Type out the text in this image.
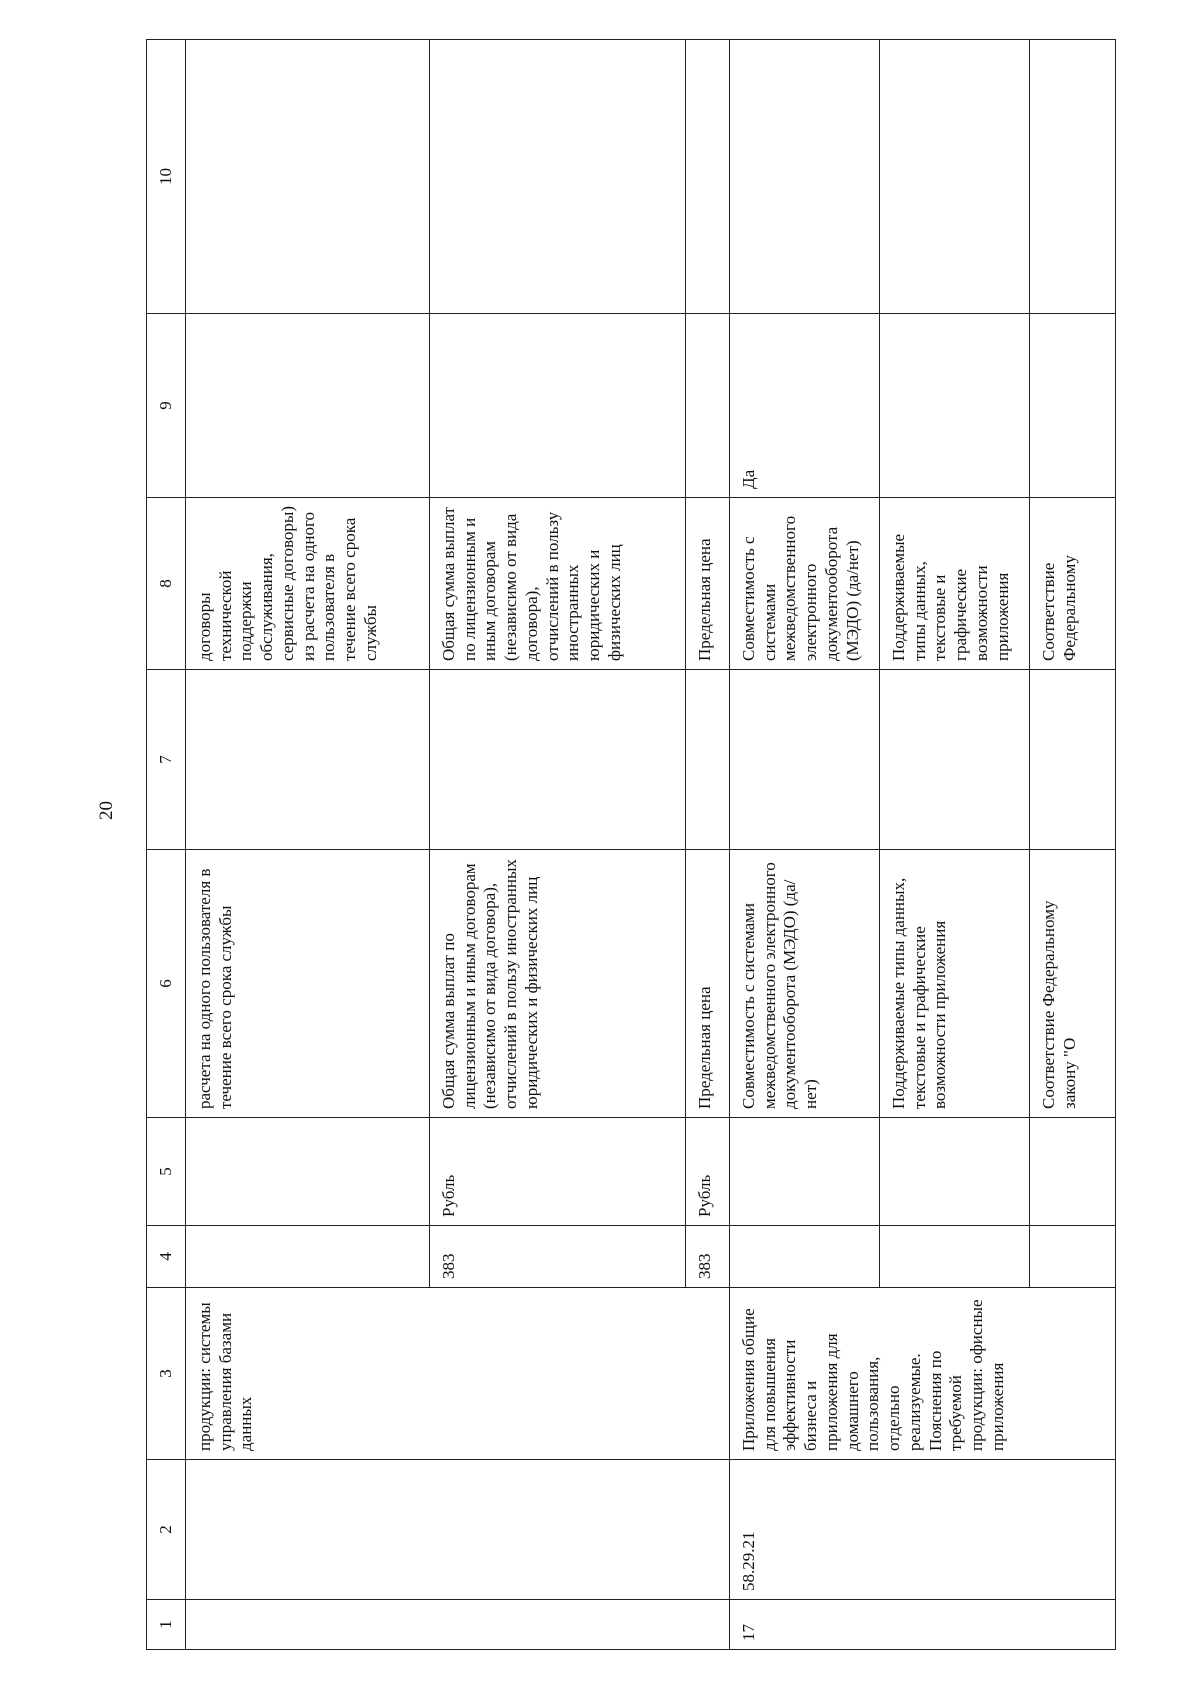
20
1	2	3	4	5	6	7	8	9	10
		продукции: системы управления базами данных			расчета на одного пользователя в течение всего срока службы		договоры технической поддержки обслуживания, сервисные договоры) из расчета на одного пользователя в течение всего срока службы		
			383	Рубль	Общая сумма выплат по лицензионным и иным договорам (независимо от вида договора), отчислений в пользу иностранных юридических и физических лиц		Общая сумма выплат по лицензионным и иным договорам (независимо от вида договора), отчислений в пользу иностранных юридических и физических лиц		
			383	Рубль	Предельная цена		Предельная цена		
17	58.29.21	Приложения общие для повышения эффективности бизнеса и приложения для домашнего пользования, отдельно реализуемые. Пояснения по требуемой продукции: офисные приложения			Совместимость с системами межведомственного электронного документооборота (МЭДО) (да/нет)		Совместимость с системами межведомственного электронного документооборота (МЭДО) (да/нет)	Да	
					Поддерживаемые типы данных, текстовые и графические возможности приложения		Поддерживаемые типы данных, текстовые и графические возможности приложения		
					Соответствие Федеральному закону "О		Соответствие Федеральному		
